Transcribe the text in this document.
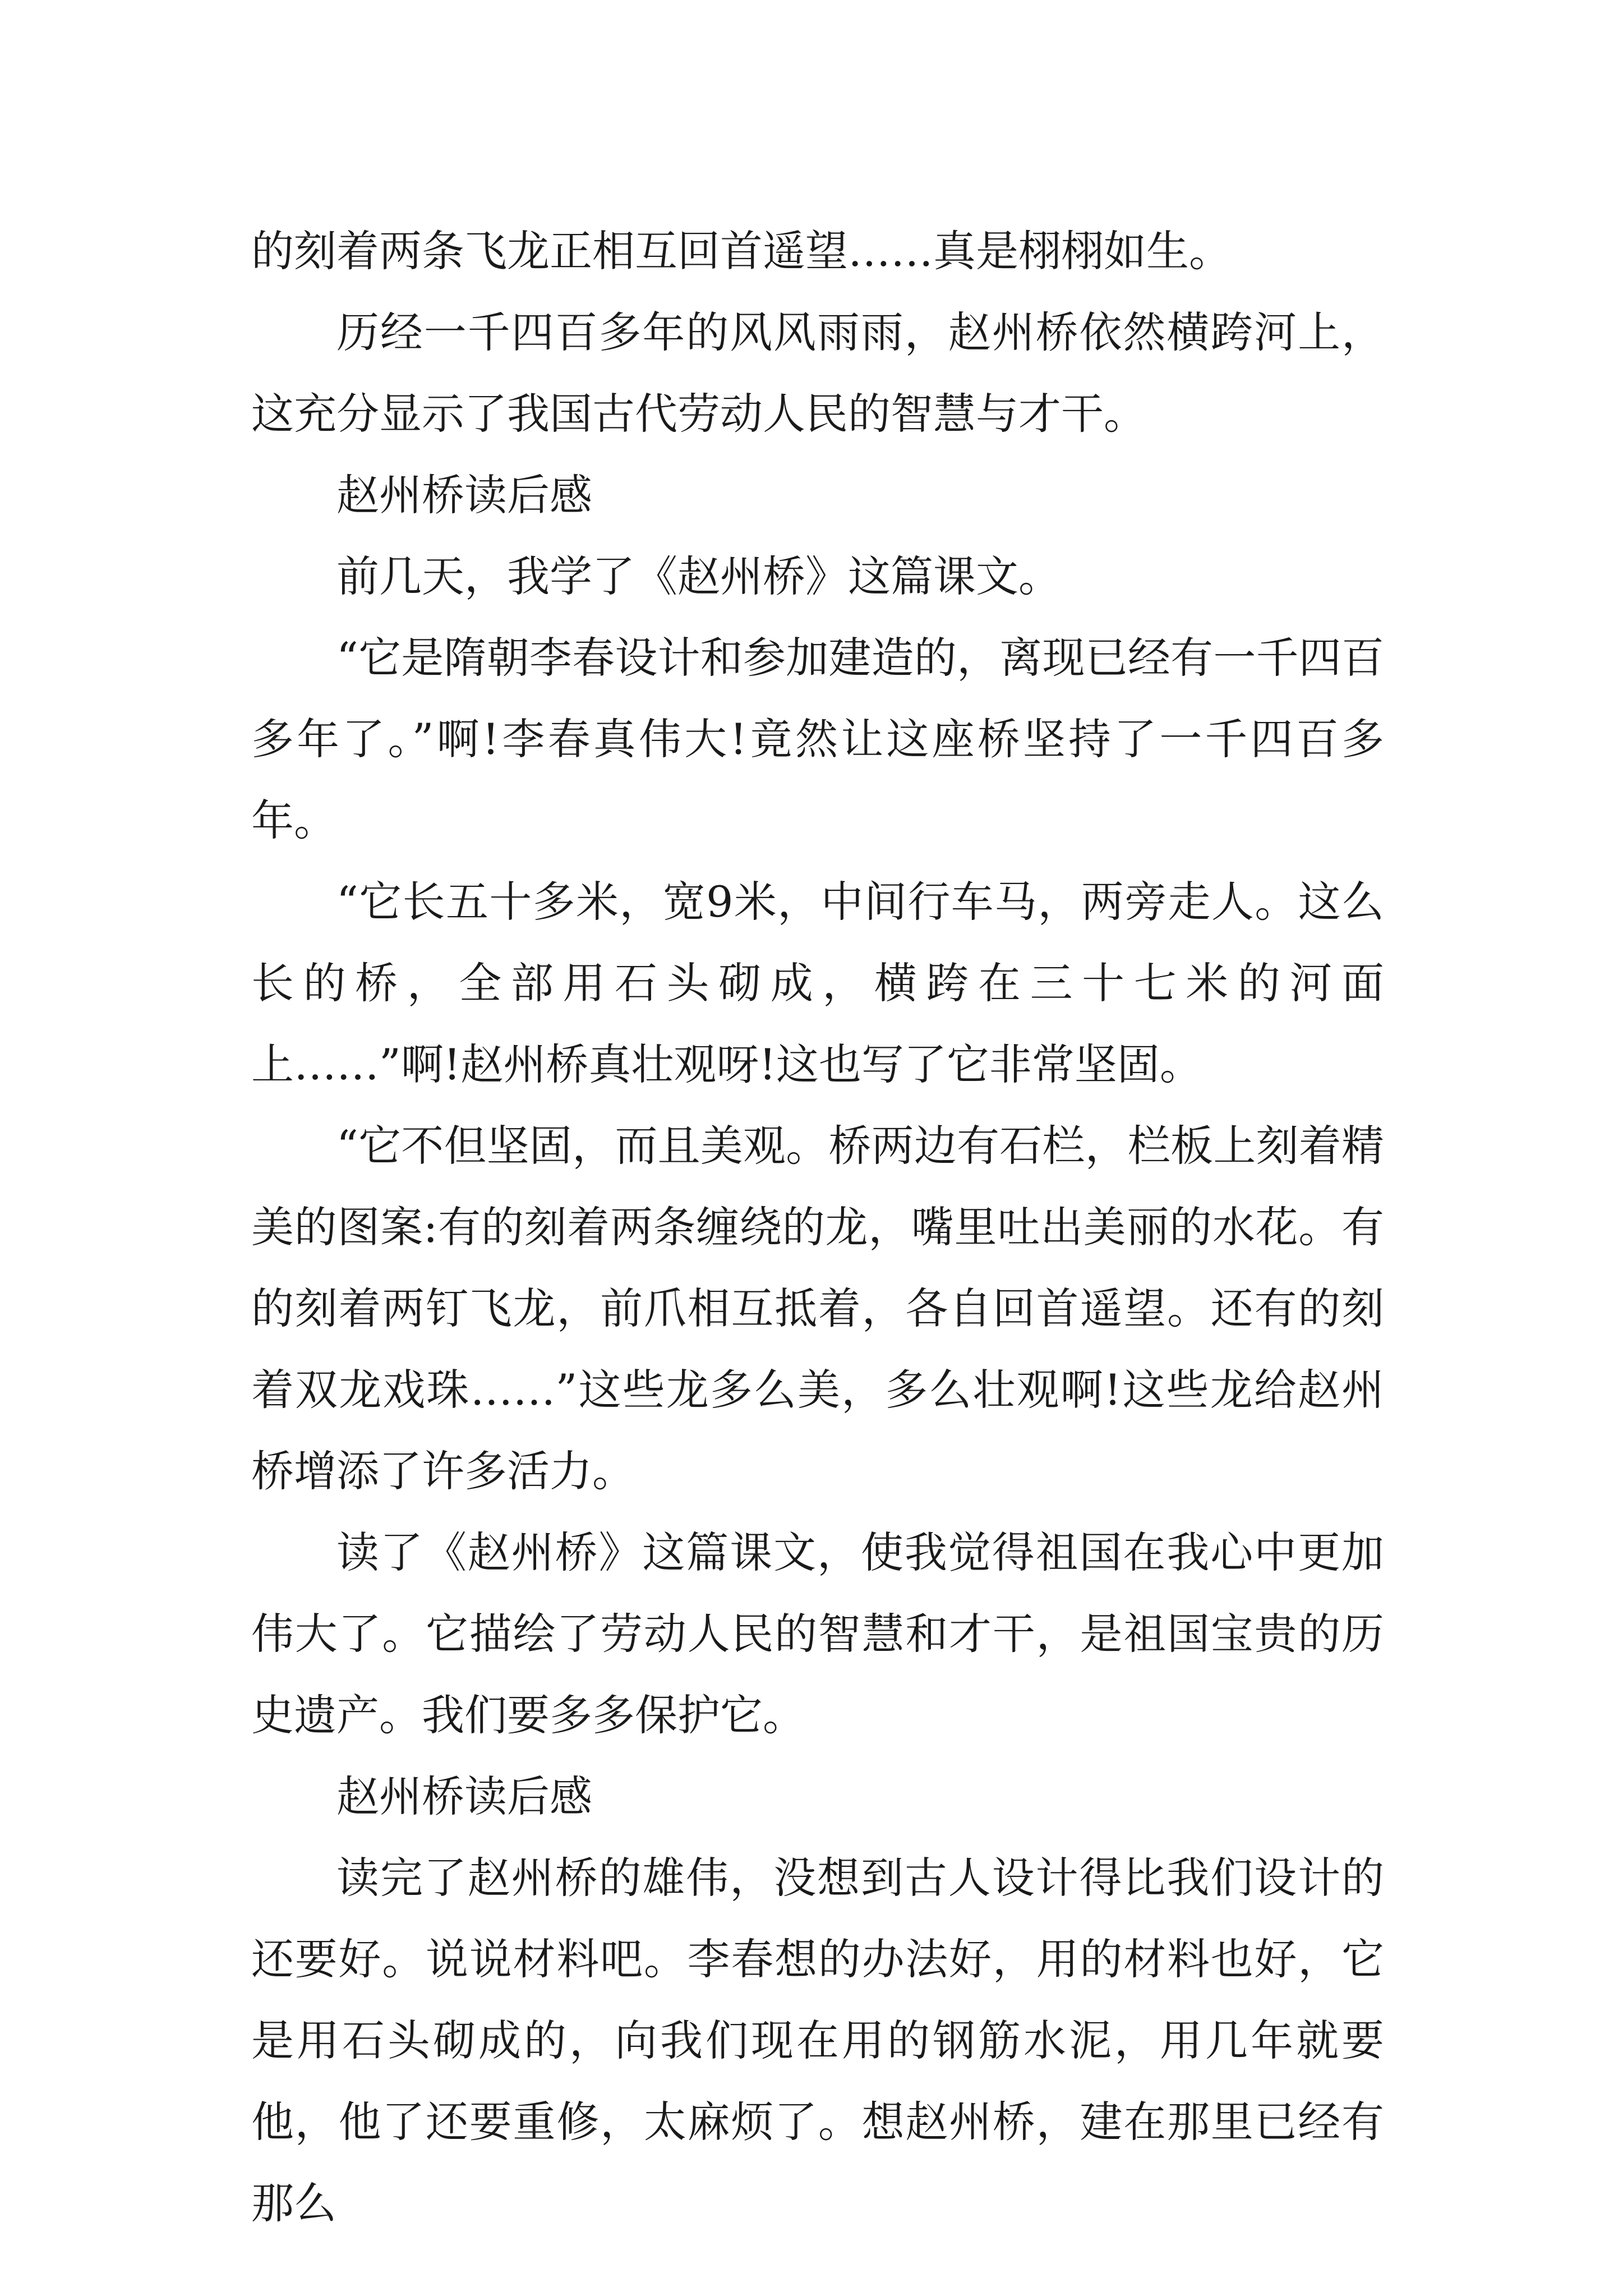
的刻着两条飞龙正相互回首遥望……真是栩栩如生。

历经一千四百多年的风风雨雨，赵州桥依然横跨河上，这充分显示了我国古代劳动人民的智慧与才干。

赵州桥读后感

前几天，我学了《赵州桥》这篇课文。

“它是隋朝李春设计和参加建造的，离现已经有一千四百多年了。”啊!李春真伟大!竟然让这座桥坚持了一千四百多年。

“它长五十多米，宽9米，中间行车马，两旁走人。这么长的桥，全部用石头砌成，横跨在三十七米的河面上……”啊!赵州桥真壮观呀!这也写了它非常坚固。

“它不但坚固，而且美观。桥两边有石栏，栏板上刻着精美的图案:有的刻着两条缠绕的龙，嘴里吐出美丽的水花。有的刻着两钉飞龙，前爪相互抵着，各自回首遥望。还有的刻着双龙戏珠……”这些龙多么美，多么壮观啊!这些龙给赵州桥增添了许多活力。

读了《赵州桥》这篇课文，使我觉得祖国在我心中更加伟大了。它描绘了劳动人民的智慧和才干，是祖国宝贵的历史遗产。我们要多多保护它。

赵州桥读后感

读完了赵州桥的雄伟，没想到古人设计得比我们设计的还要好。说说材料吧。李春想的办法好，用的材料也好，它是用石头砌成的，向我们现在用的钢筋水泥，用几年就要他，他了还要重修，太麻烦了。想赵州桥，建在那里已经有那么
